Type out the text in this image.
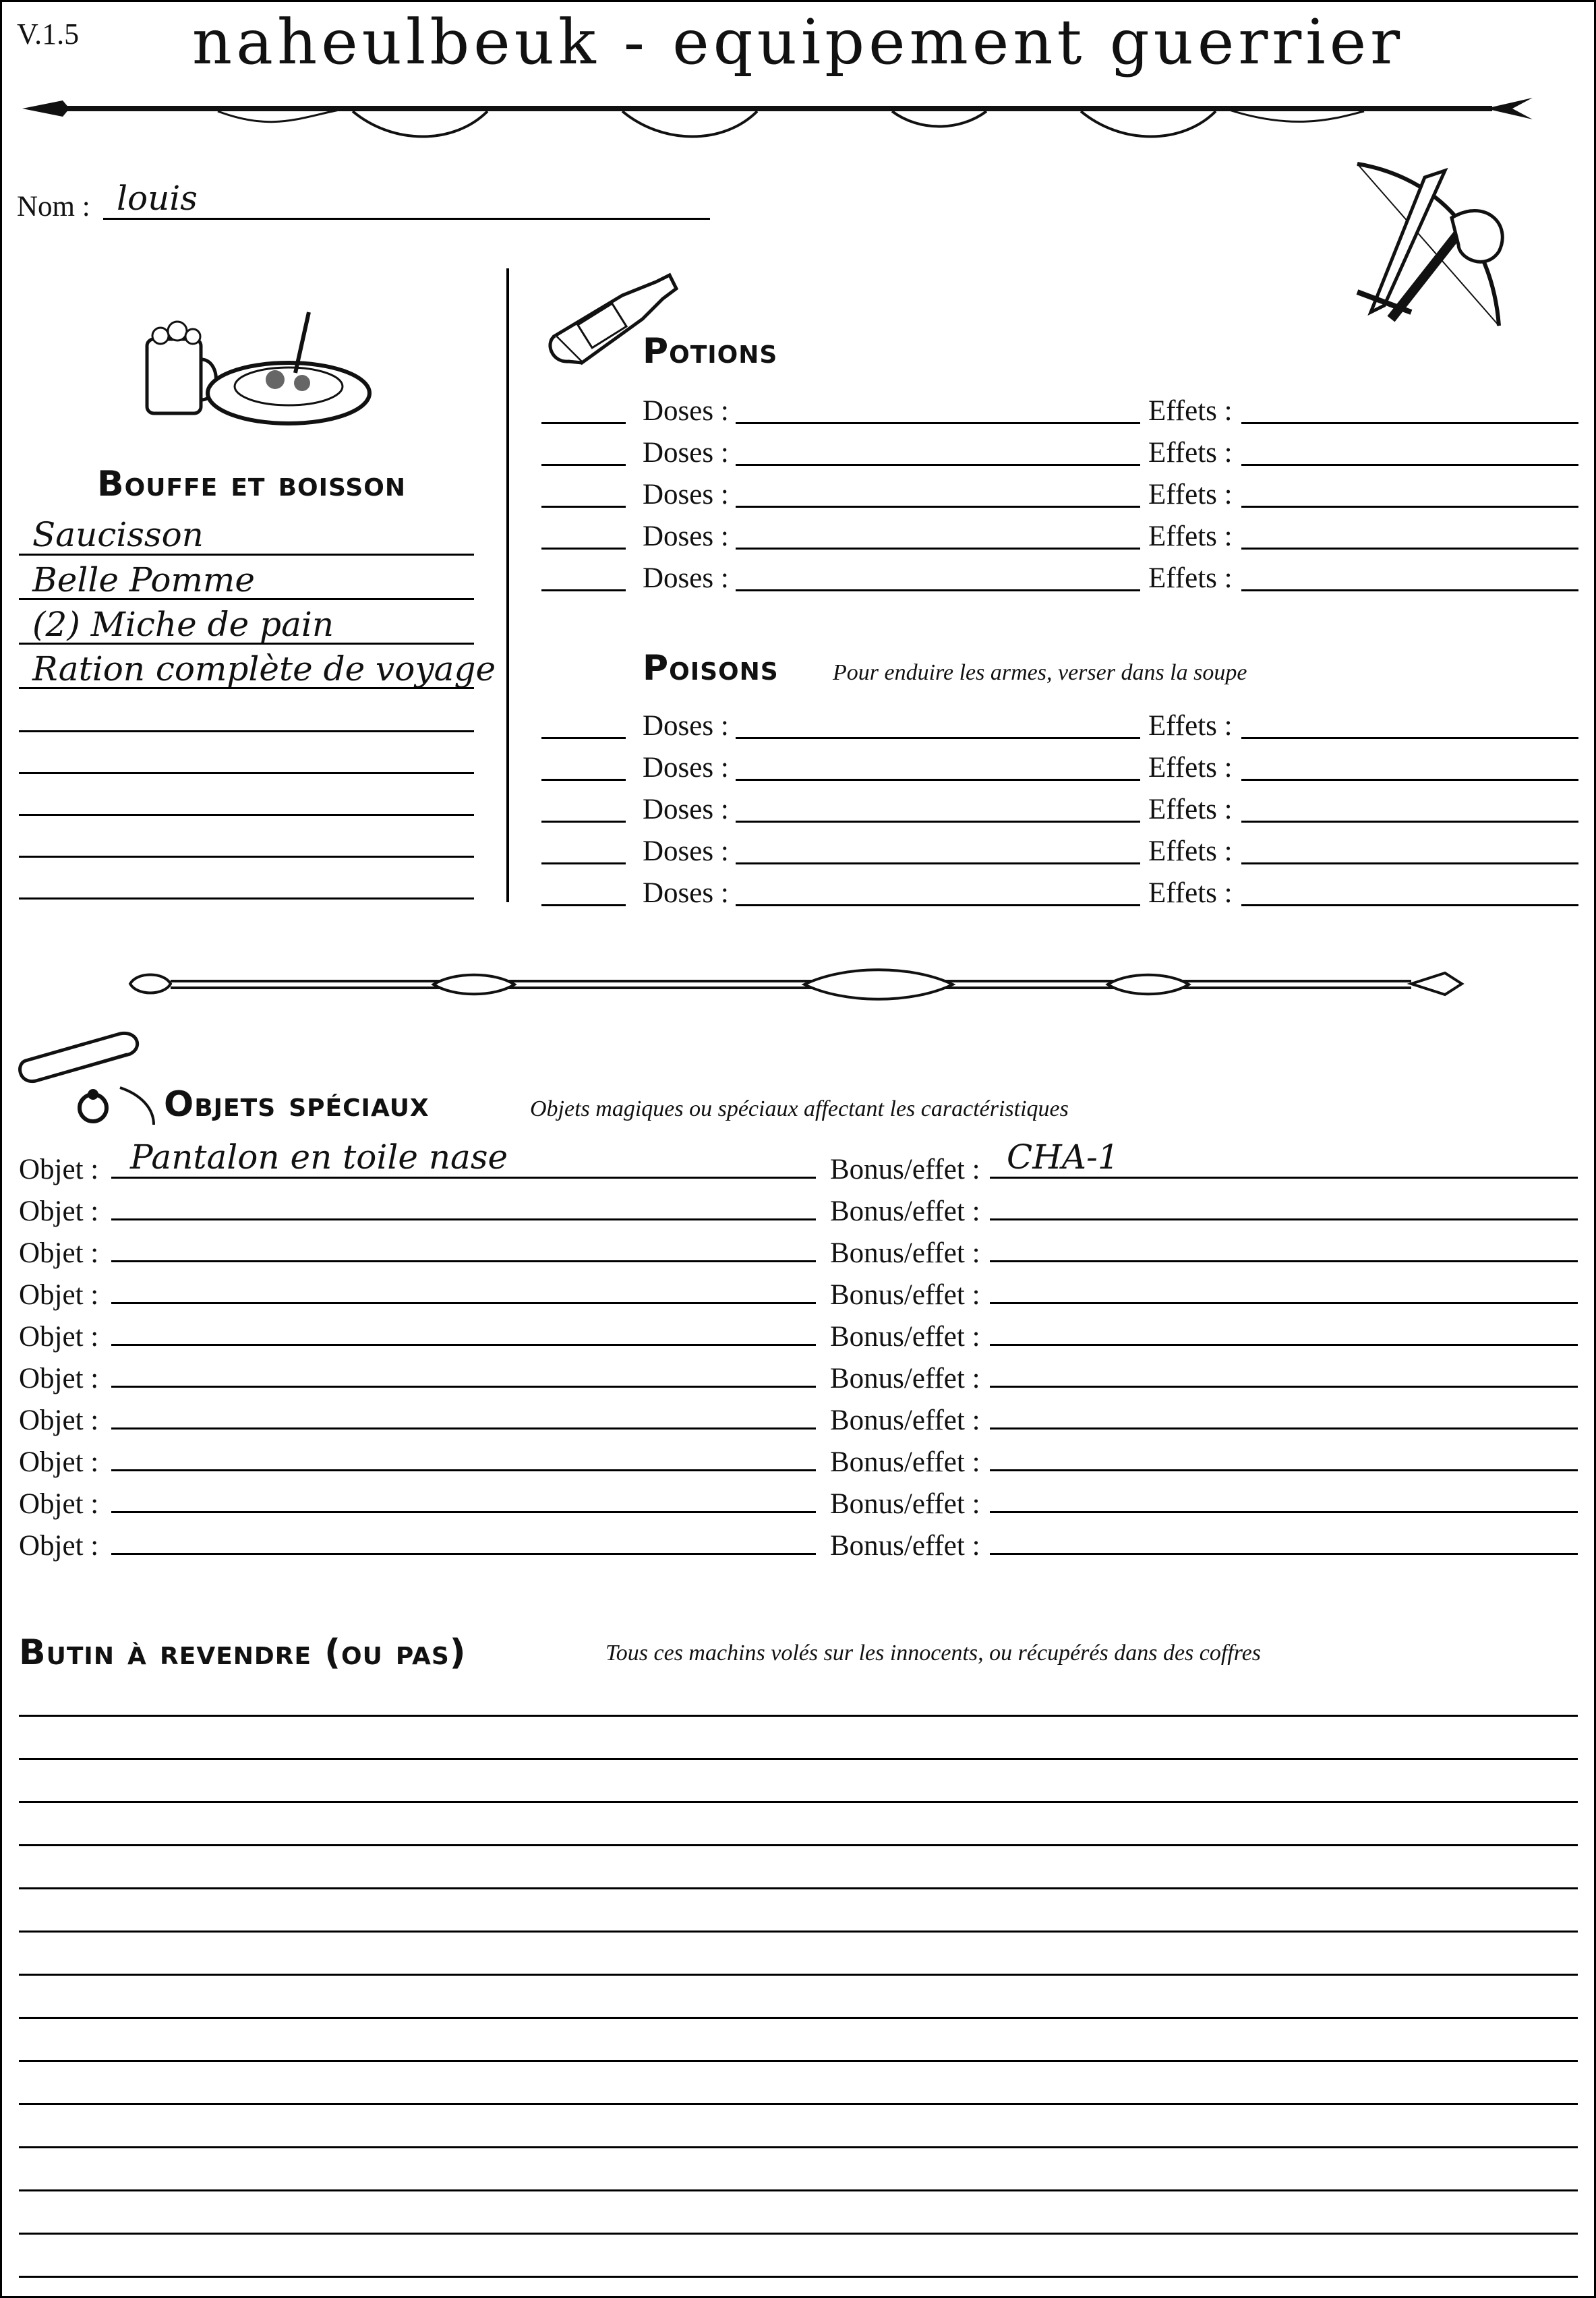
V.1.5	naheulbeuk - equipement guerrier
Nom : louis
Bouffe et boisson
Saucisson
Belle Pomme
(2) Miche de pain
Ration complète de voyage
Potions
Doses :	Effets :
Doses :	Effets :
Doses :	Effets :
Doses :	Effets :
Doses :	Effets :
Poisons Pour enduire les armes, verser dans la soupe
Doses :	Effets :
Doses :	Effets :
Doses :	Effets :
Doses :	Effets :
Doses :	Effets :
Objets spéciaux	Objets magiques ou spéciaux affectant les caractéristiques
Objet : Pantalon en toile nase	Bonus/effet : CHA-1
Objet :	Bonus/effet :
Objet :	Bonus/effet :
Objet :	Bonus/effet :
Objet :	Bonus/effet :
Objet :	Bonus/effet :
Objet :	Bonus/effet :
Objet :	Bonus/effet :
Objet :	Bonus/effet :
Objet :	Bonus/effet :
Butin à revendre (ou pas)	Tous ces machins volés sur les innocents, ou récupérés dans des coffres
